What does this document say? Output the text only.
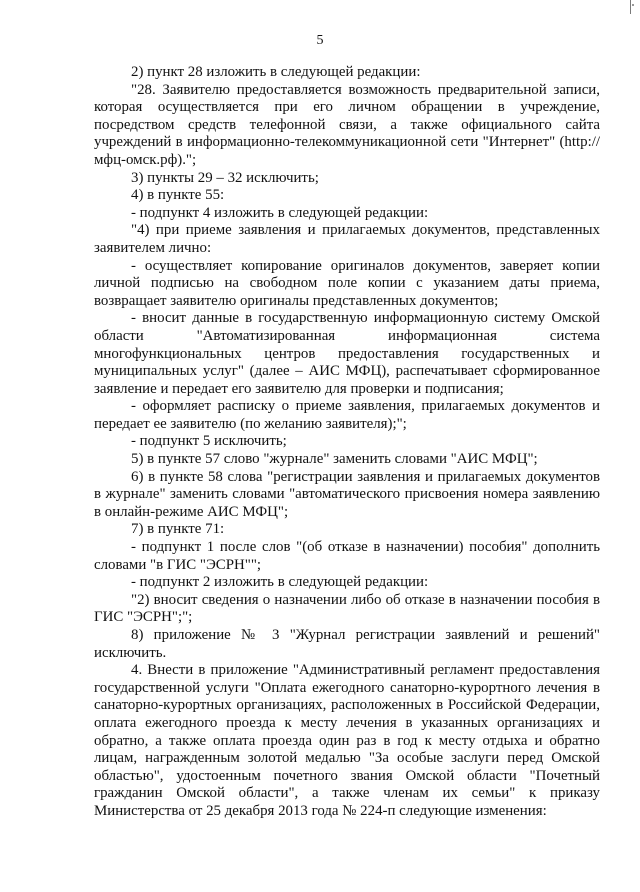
5

2) пункт 28 изложить в следующей редакции:

"28. Заявителю предоставляется возможность предварительной записи, которая осуществляется при его личном обращении в учреждение, посредством средств телефонной связи, а также официального сайта учреждений в информационно-телекоммуникационной сети "Интернет" (http://мфц-омск.рф).";

3) пункты 29 – 32 исключить;

4) в пункте 55:

- подпункт 4 изложить в следующей редакции:

"4) при приеме заявления и прилагаемых документов, представленных заявителем лично:

- осуществляет копирование оригиналов документов, заверяет копии личной подписью на свободном поле копии с указанием даты приема, возвращает заявителю оригиналы представленных документов;

- вносит данные в государственную информационную систему Омской области "Автоматизированная информационная система многофункциональных центров предоставления государственных и муниципальных услуг" (далее – АИС МФЦ), распечатывает сформированное заявление и передает его заявителю для проверки и подписания;

- оформляет расписку о приеме заявления, прилагаемых документов и передает ее заявителю (по желанию заявителя);";

- подпункт 5 исключить;

5) в пункте 57 слово "журнале" заменить словами "АИС МФЦ";

6) в пункте 58 слова "регистрации заявления и прилагаемых документов в журнале" заменить словами "автоматического присвоения номера заявлению в онлайн-режиме АИС МФЦ";

7) в пункте 71:

- подпункт 1 после слов "(об отказе в назначении) пособия" дополнить словами "в ГИС "ЭСРН"";

- подпункт 2 изложить в следующей редакции:

"2) вносит сведения о назначении либо об отказе в назначении пособия в ГИС "ЭСРН";";

8) приложение № 3 "Журнал регистрации заявлений и решений" исключить.

4. Внести в приложение "Административный регламент предоставления государственной услуги "Оплата ежегодного санаторно-курортного лечения в санаторно-курортных организациях, расположенных в Российской Федерации, оплата ежегодного проезда к месту лечения в указанных организациях и обратно, а также оплата проезда один раз в год к месту отдыха и обратно лицам, награжденным золотой медалью "За особые заслуги перед Омской областью", удостоенным почетного звания Омской области "Почетный гражданин Омской области", а также членам их семьи" к приказу Министерства от 25 декабря 2013 года № 224-п следующие изменения:
